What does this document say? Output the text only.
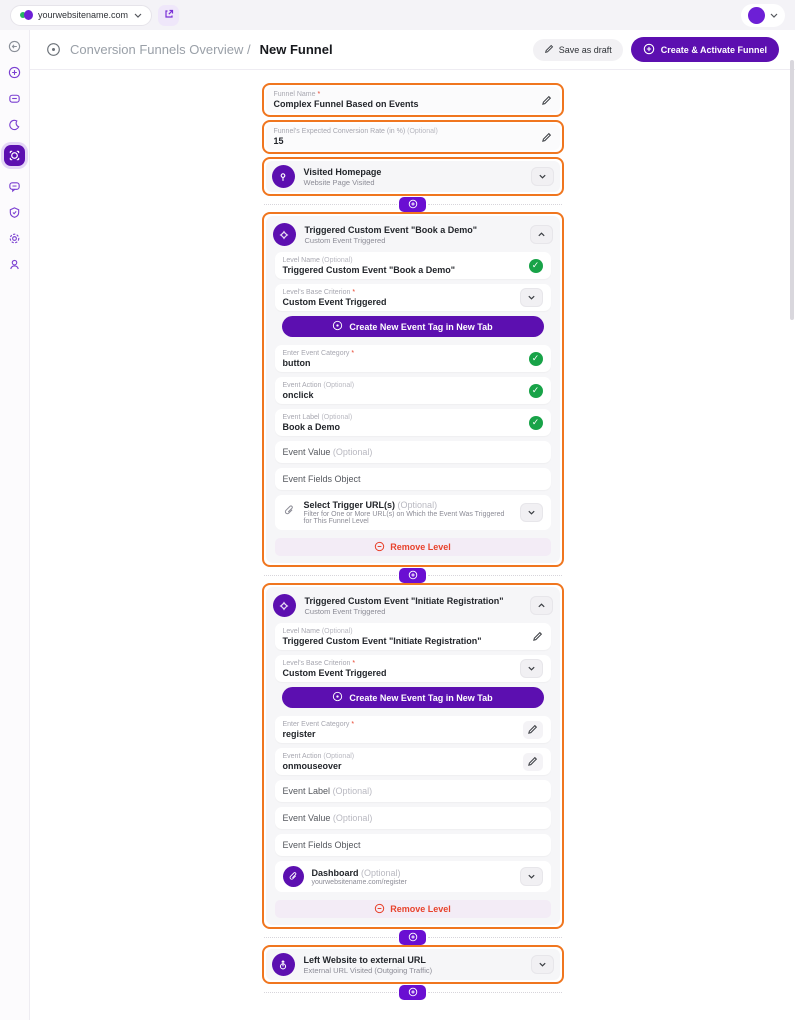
yourwebsitename.com
Conversion Funnels Overview / New Funnel	Save as draft	Create & Activate Funnel
Funnel Name *
Complex Funnel Based on Events
Funnel's Expected Conversion Rate (in %) (Optional)
15
Visited Homepage
Website Page Visited
Triggered Custom Event "Book a Demo"
Custom Event Triggered
Level Name (Optional)
Triggered Custom Event "Book a Demo"
✓
Level's Base Criterion *
Custom Event Triggered
Create New Event Tag in New Tab
Enter Event Category *
button
✓
Event Action (Optional)
onclick
✓
Event Label (Optional)
Book a Demo
✓
Event Value (Optional)
Event Fields Object
Select Trigger URL(s) (Optional)
Filter for One or More URL(s) on Which the Event Was Triggered for This Funnel Level
Remove Level
Triggered Custom Event "Initiate Registration"
Custom Event Triggered
Level Name (Optional)
Triggered Custom Event "Initiate Registration"
Level's Base Criterion *
Custom Event Triggered
Create New Event Tag in New Tab
Enter Event Category *
register
Event Action (Optional)
onmouseover
Event Label (Optional)
Event Value (Optional)
Event Fields Object
Dashboard (Optional)
yourwebsitename.com/register
Remove Level
Left Website to external URL
External URL Visited (Outgoing Traffic)
